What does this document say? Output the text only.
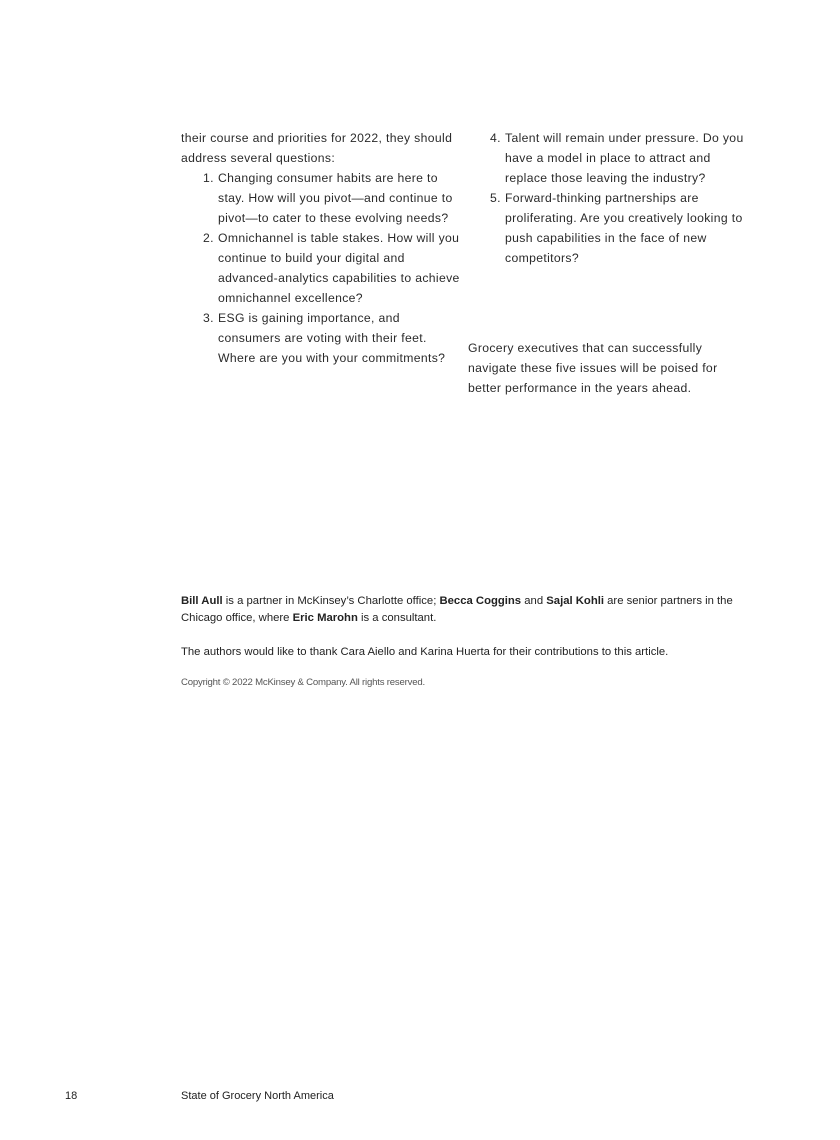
their course and priorities for 2022, they should address several questions:

1. Changing consumer habits are here to stay. How will you pivot—and continue to pivot—to cater to these evolving needs?
2. Omnichannel is table stakes. How will you continue to build your digital and advanced-analytics capabilities to achieve omnichannel excellence?
3. ESG is gaining importance, and consumers are voting with their feet. Where are you with your commitments?
4. Talent will remain under pressure. Do you have a model in place to attract and replace those leaving the industry?
5. Forward-thinking partnerships are proliferating. Are you creatively looking to push capabilities in the face of new competitors?

Grocery executives that can successfully navigate these five issues will be poised for better performance in the years ahead.

Bill Aull is a partner in McKinsey’s Charlotte office; Becca Coggins and Sajal Kohli are senior partners in the Chicago office, where Eric Marohn is a consultant.

The authors would like to thank Cara Aiello and Karina Huerta for their contributions to this article.

Copyright © 2022 McKinsey & Company. All rights reserved.
18	State of Grocery North America
